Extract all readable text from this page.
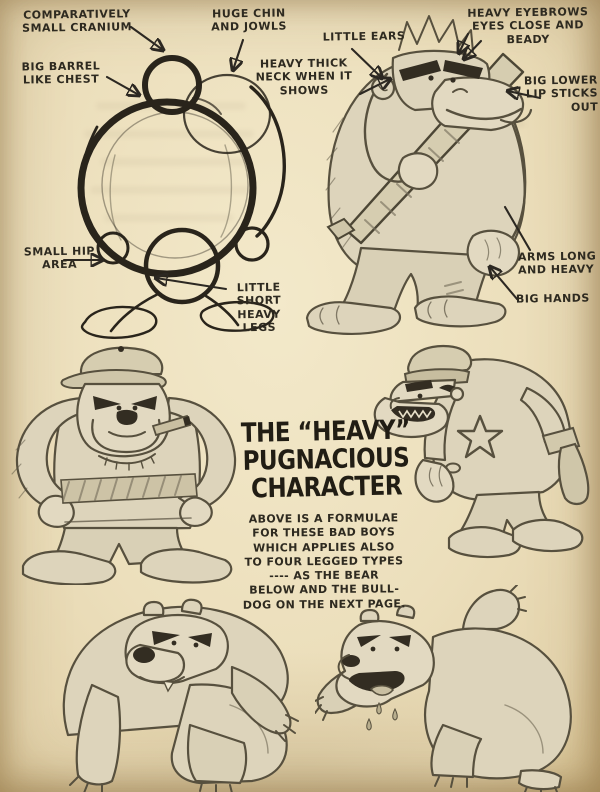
COMPARATIVELY
SMALL CRANIUM
HUGE CHIN
AND JOWLS
LITTLE EARS
HEAVY EYEBROWS
EYES CLOSE AND
BEADY
BIG BARREL
LIKE CHEST
HEAVY THICK
NECK WHEN IT
SHOWS
BIG LOWER
LIP STICKS
OUT
SMALL HIP
AREA
LITTLE
SHORT
HEAVY
LEGS
ARMS LONG
AND HEAVY
BIG HANDS
THE “HEAVY”
PUGNACIOUS
CHARACTER
ABOVE IS A FORMULAE
FOR THESE BAD BOYS
WHICH APPLIES ALSO
TO FOUR LEGGED TYPES
---- AS THE BEAR
BELOW AND THE BULL-
DOG ON THE NEXT PAGE.
